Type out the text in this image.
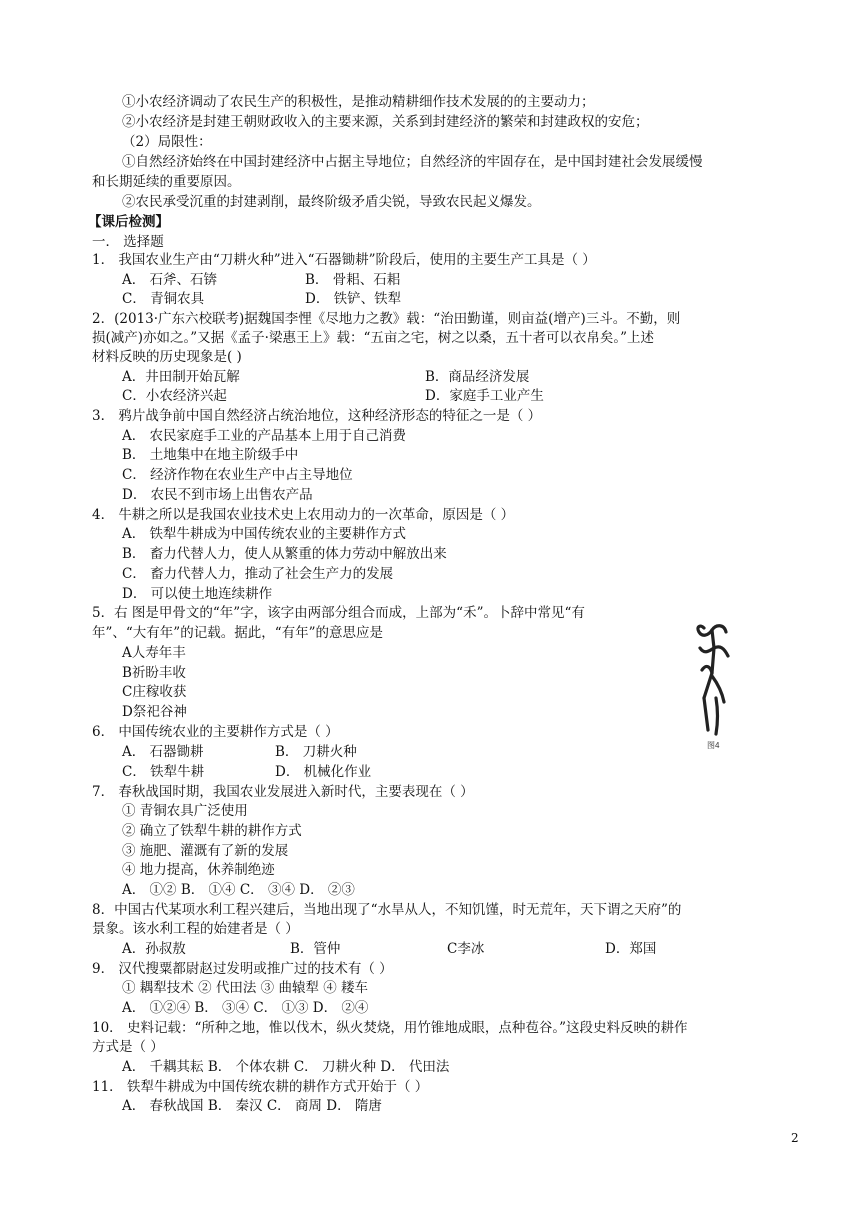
①小农经济调动了农民生产的积极性，是推动精耕细作技术发展的的主要动力；
②小农经济是封建王朝财政收入的主要来源，关系到封建经济的繁荣和封建政权的安危；
（2）局限性：
①自然经济始终在中国封建经济中占据主导地位；自然经济的牢固存在，是中国封建社会发展缓慢
和长期延续的重要原因。
②农民承受沉重的封建剥削，最终阶级矛盾尖锐，导致农民起义爆发。
【课后检测】
一． 选择题
1． 我国农业生产由“刀耕火种”进入“石器锄耕”阶段后，使用的主要生产工具是（ ）
A． 石斧、石锛	B． 骨耜、石耜
C． 青铜农具	D． 铁铲、铁犁
2．(2013·广东六校联考)据魏国李悝《尽地力之教》载：“治田勤谨，则亩益(增产)三斗。不勤，则
损(减产)亦如之。”又据《孟子·梁惠王上》载：“五亩之宅，树之以桑，五十者可以衣帛矣。”上述
材料反映的历史现象是( )
A．井田制开始瓦解	B．商品经济发展
C．小农经济兴起	D．家庭手工业产生
3． 鸦片战争前中国自然经济占统治地位，这种经济形态的特征之一是（ ）
A． 农民家庭手工业的产品基本上用于自己消费
B． 土地集中在地主阶级手中
C． 经济作物在农业生产中占主导地位
D． 农民不到市场上出售农产品
4． 牛耕之所以是我国农业技术史上农用动力的一次革命，原因是（ ）
A． 铁犁牛耕成为中国传统农业的主要耕作方式
B． 畜力代替人力，使人从繁重的体力劳动中解放出来
C． 畜力代替人力，推动了社会生产力的发展
D． 可以使土地连续耕作
5．右 图是甲骨文的“年”字，该字由两部分组合而成，上部为“禾”。卜辞中常见“有
年”、“大有年”的记载。据此，“有年”的意思应是
A人寿年丰
B祈盼丰收
C庄稼收获
D祭祀谷神
图4
6． 中国传统农业的主要耕作方式是（ ）
A． 石器锄耕	B． 刀耕火种
C． 铁犁牛耕	D． 机械化作业
7． 春秋战国时期，我国农业发展进入新时代，主要表现在（ ）
① 青铜农具广泛使用
② 确立了铁犁牛耕的耕作方式
③ 施肥、灌溉有了新的发展
④ 地力提高，休养制绝迹
A． ①② B． ①④ C． ③④ D． ②③
8．中国古代某项水利工程兴建后，当地出现了“水旱从人，不知饥馑，时无荒年，天下谓之天府”的
景象。该水利工程的始建者是（ ）
A．孙叔敖	B．管仲	C李冰	D．郑国
9． 汉代搜粟都尉赵过发明或推广过的技术有（ ）
① 耦犁技术 ② 代田法 ③ 曲辕犁 ④ 耧车
A． ①②④ B． ③④ C． ①③ D． ②④
10． 史料记载：“所种之地，惟以伐木，纵火焚烧，用竹锥地成眼，点种苞谷。”这段史料反映的耕作
方式是（ ）
A． 千耦其耘 B． 个体农耕 C． 刀耕火种 D． 代田法
11． 铁犁牛耕成为中国传统农耕的耕作方式开始于（ ）
A． 春秋战国 B． 秦汉 C． 商周 D． 隋唐
2
